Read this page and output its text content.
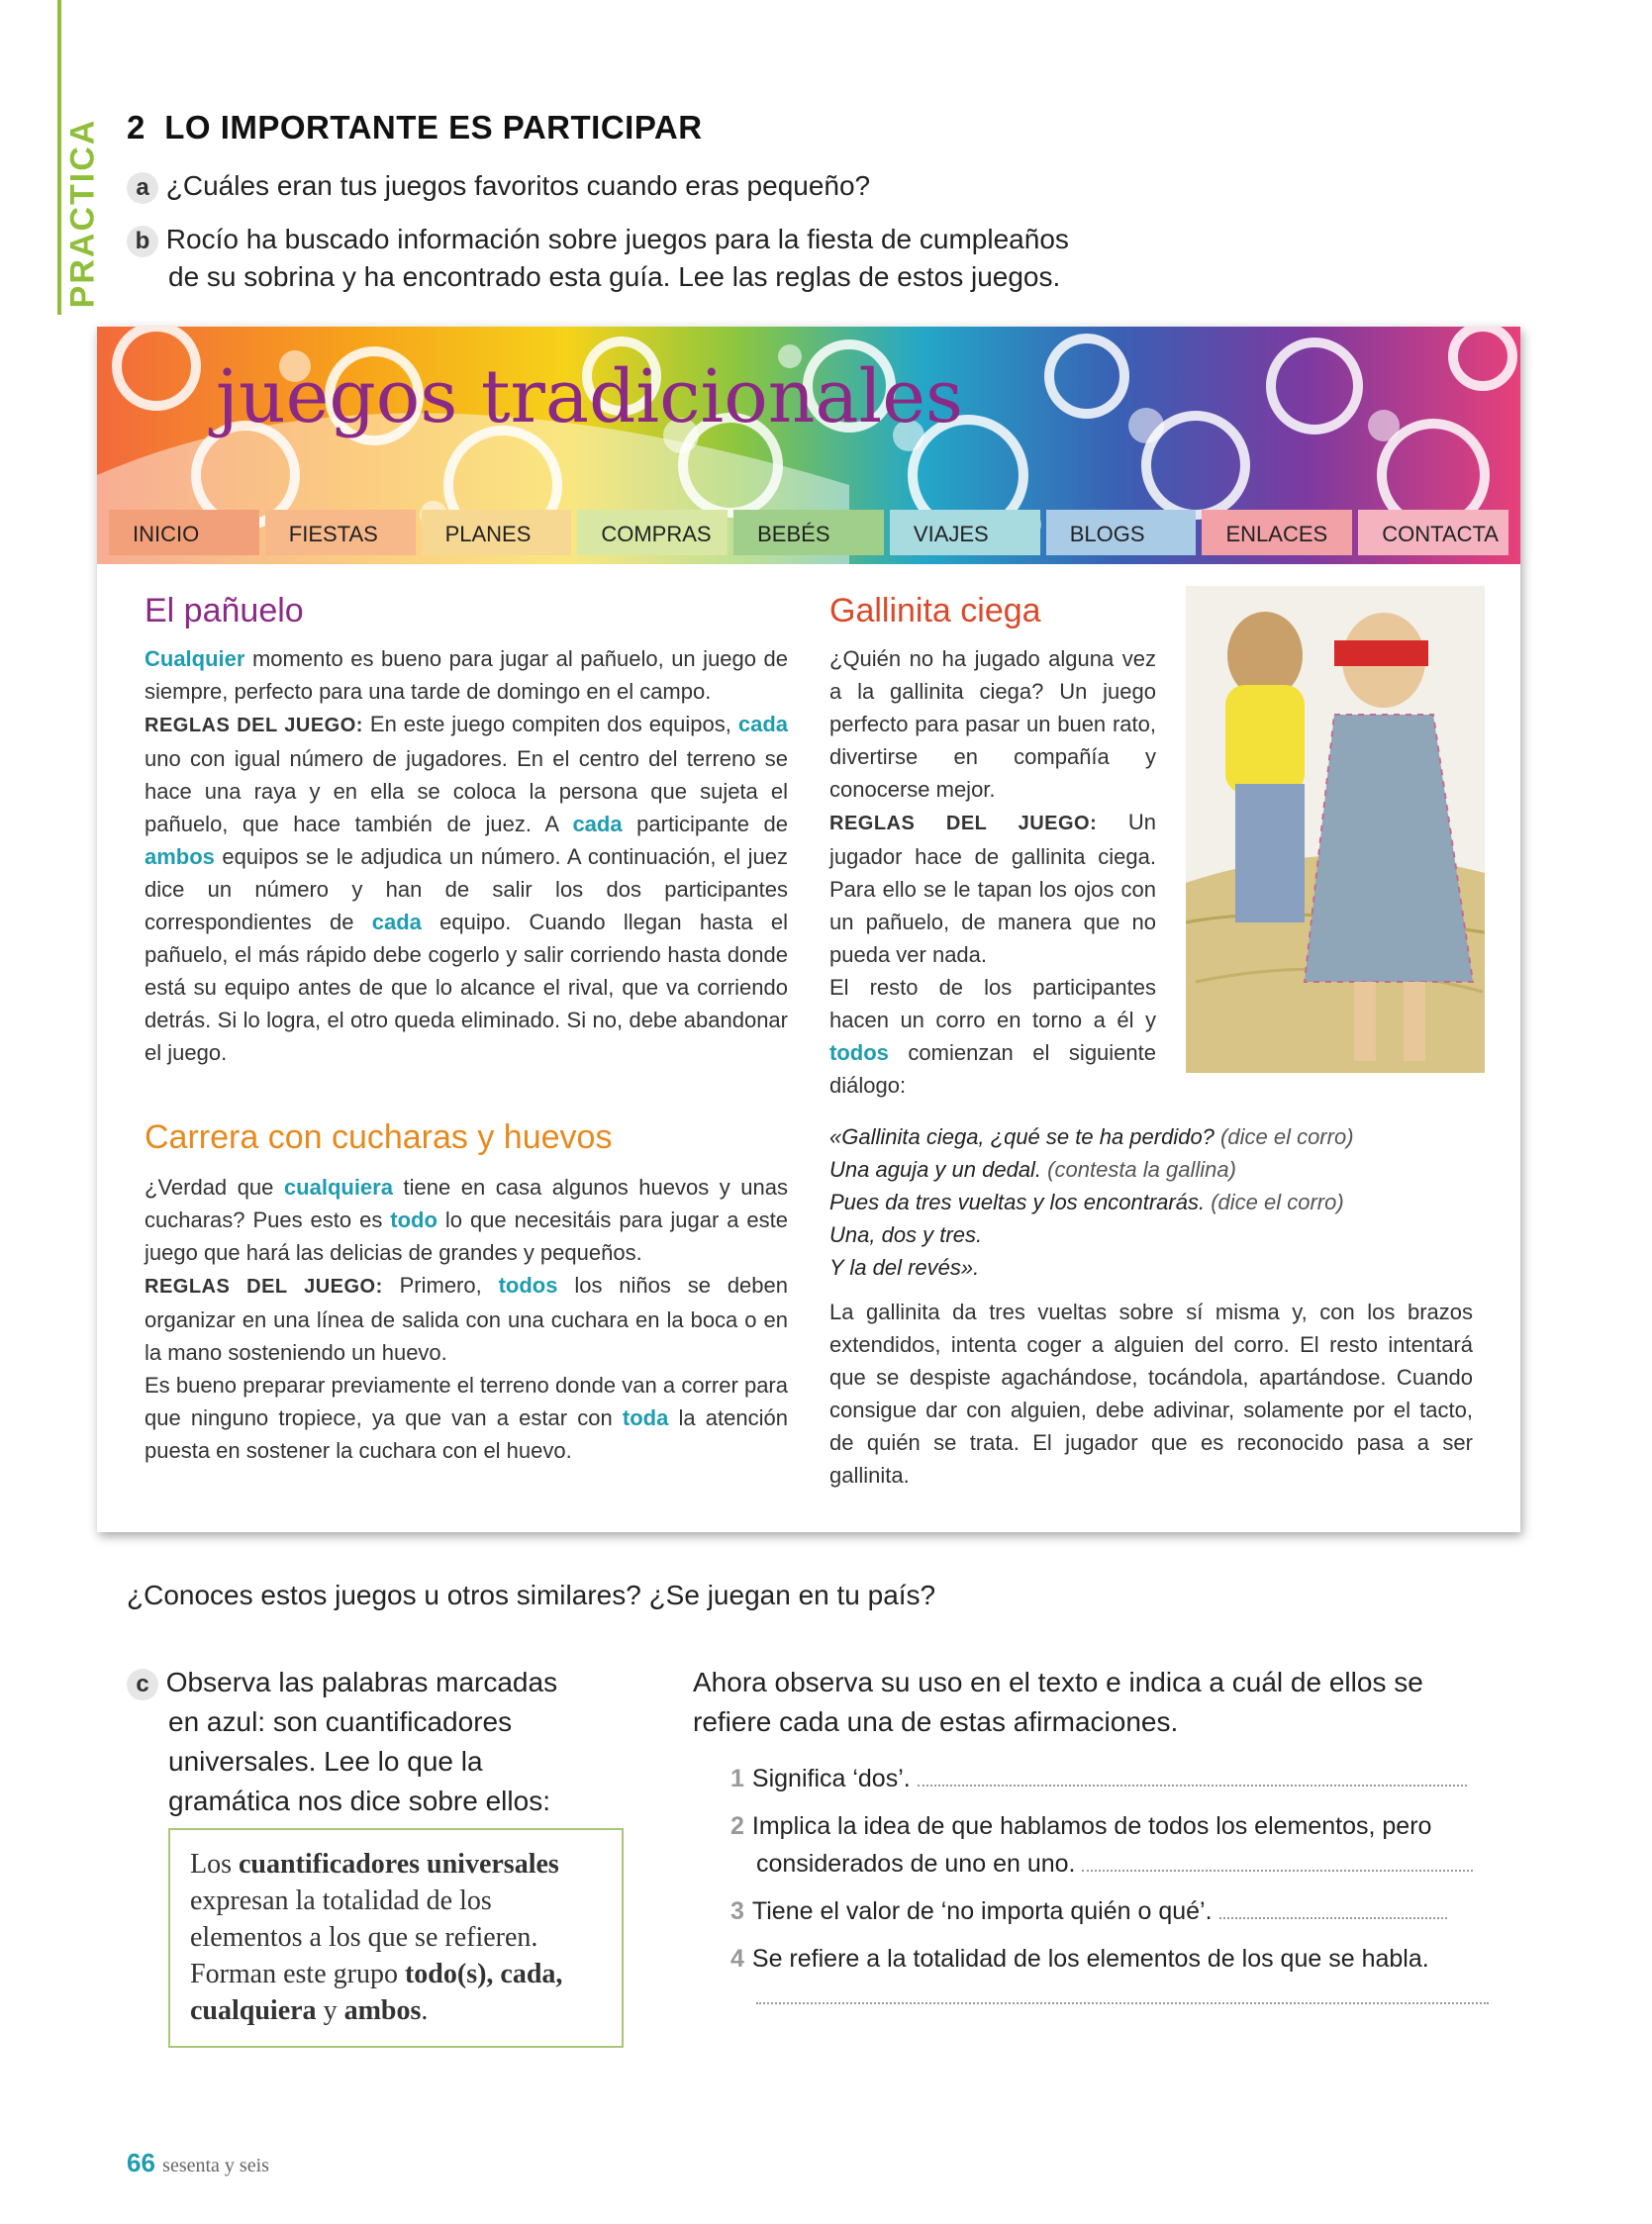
PRACTICA 2 LO IMPORTANTE ES PARTICIPAR
a ¿Cuáles eran tus juegos favoritos cuando eras pequeño?
b Rocío ha buscado información sobre juegos para la fiesta de cumpleaños
de su sobrina y ha encontrado esta guía. Lee las reglas de estos juegos.
juegos tradicionales
INICIO	FIESTAS	PLANES	COMPRAS	BEBÉS	VIAJES	BLOGS	ENLACES	CONTACTA
El pañuelo
Cualquier momento es bueno para jugar al pañuelo, un juego de siempre, perfecto para una tarde de domingo en el campo.
REGLAS DEL JUEGO: En este juego compiten dos equipos, cada uno con igual número de jugadores. En el centro del terreno se hace una raya y en ella se coloca la persona que sujeta el pañuelo, que hace también de juez. A cada participante de ambos equipos se le adjudica un número. A continuación, el juez dice un número y han de salir los dos participantes correspondientes de cada equipo. Cuando llegan hasta el pañuelo, el más rápido debe cogerlo y salir corriendo hasta donde está su equipo antes de que lo alcance el rival, que va corriendo detrás. Si lo logra, el otro queda eliminado. Si no, debe abandonar el juego.
Carrera con cucharas y huevos
¿Verdad que cualquiera tiene en casa algunos huevos y unas cucharas? Pues esto es todo lo que necesitáis para jugar a este juego que hará las delicias de grandes y pequeños.
REGLAS DEL JUEGO: Primero, todos los niños se deben organizar en una línea de salida con una cuchara en la boca o en la mano sosteniendo un huevo.
Es bueno preparar previamente el terreno donde van a correr para que ninguno tropiece, ya que van a estar con toda la atención puesta en sostener la cuchara con el huevo.
Gallinita ciega
¿Quién no ha jugado alguna vez a la gallinita ciega? Un juego perfecto para pasar un buen rato, divertirse en compañía y conocerse mejor.
REGLAS DEL JUEGO: Un jugador hace de gallinita ciega. Para ello se le tapan los ojos con un pañuelo, de manera que no pueda ver nada.
El resto de los participantes hacen un corro en torno a él y todos comienzan el siguiente diálogo:
«Gallinita ciega, ¿qué se te ha perdido? (dice el corro)
Una aguja y un dedal. (contesta la gallina)
Pues da tres vueltas y los encontrarás. (dice el corro)
Una, dos y tres.
Y la del revés».
La gallinita da tres vueltas sobre sí misma y, con los brazos extendidos, intenta coger a alguien del corro. El resto intentará que se despiste agachándose, tocándola, apartándose. Cuando consigue dar con alguien, debe adivinar, solamente por el tacto, de quién se trata. El jugador que es reconocido pasa a ser gallinita.
¿Conoces estos juegos u otros similares? ¿Se juegan en tu país?
c Observa las palabras marcadas
en azul: son cuantificadores
universales. Lee lo que la
gramática nos dice sobre ellos:
Los cuantificadores universales expresan la totalidad de los elementos a los que se refieren. Forman este grupo todo(s), cada, cualquiera y ambos.
Ahora observa su uso en el texto e indica a cuál de ellos se
refiere cada una de estas afirmaciones.
1 Significa ‘dos’.
2 Implica la idea de que hablamos de todos los elementos, pero
considerados de uno en uno.
3 Tiene el valor de ‘no importa quién o qué’.
4 Se refiere a la totalidad de los elementos de los que se habla.

66 sesenta y seis
